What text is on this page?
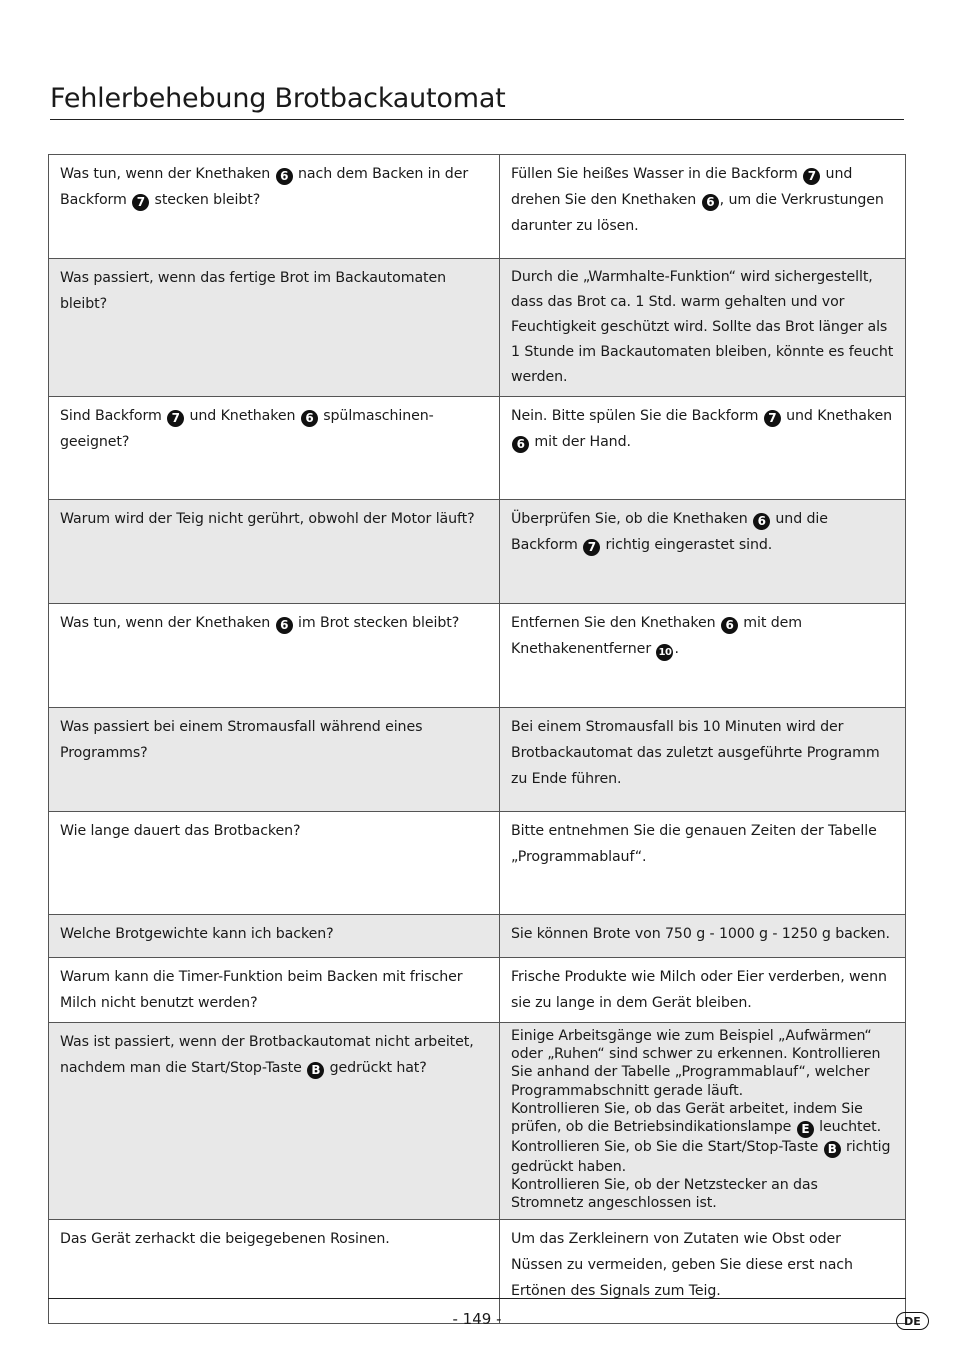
Fehlerbehebung Brotbackautomat
Was tun, wenn der Knethaken 6 nach dem Backen in der Backform 7 stecken bleibt?	Füllen Sie heißes Wasser in die Backform 7 und drehen Sie den Knethaken 6 , um die Verkrustungen darunter zu lösen.
Was passiert, wenn das fertige Brot im Backautomaten bleibt?	Durch die „Warmhalte-Funktion“ wird sichergestellt, dass das Brot ca. 1 Std. warm gehalten und vor Feuchtigkeit geschützt wird. Sollte das Brot länger als 1 Stunde im Backautomaten bleiben, könnte es feucht werden.
Sind Backform 7 und Knethaken 6 spülmaschinen-geeignet?	Nein. Bitte spülen Sie die Backform 7 und Knethaken 6 mit der Hand.
Warum wird der Teig nicht gerührt, obwohl der Motor läuft?	Überprüfen Sie, ob die Knethaken 6 und die Backform 7 richtig eingerastet sind.
Was tun, wenn der Knethaken 6 im Brot stecken bleibt?	Entfernen Sie den Knethaken 6 mit dem Knethakenentferner 10 .
Was passiert bei einem Stromausfall während eines Programms?	Bei einem Stromausfall bis 10 Minuten wird der Brotbackautomat das zuletzt ausgeführte Programm zu Ende führen.
Wie lange dauert das Brotbacken?	Bitte entnehmen Sie die genauen Zeiten der Tabelle „Programmablauf“.
Welche Brotgewichte kann ich backen?	Sie können Brote von 750 g - 1000 g - 1250 g backen.
Warum kann die Timer-Funktion beim Backen mit frischer Milch nicht benutzt werden?	Frische Produkte wie Milch oder Eier verderben, wenn sie zu lange in dem Gerät bleiben.
Was ist passiert, wenn der Brotbackautomat nicht arbeitet, nachdem man die Start/Stop-Taste B gedrückt hat?	Einige Arbeitsgänge wie zum Beispiel „Aufwärmen“ oder „Ruhen“ sind schwer zu erkennen. Kontrollieren Sie anhand der Tabelle „Programmablauf“, welcher Programmabschnitt gerade läuft.
Kontrollieren Sie, ob das Gerät arbeitet, indem Sie prüfen, ob die Betriebsindikationslampe E leuchtet.
Kontrollieren Sie, ob Sie die Start/Stop-Taste B richtig gedrückt haben.
Kontrollieren Sie, ob der Netzstecker an das Stromnetz angeschlossen ist.
Das Gerät zerhackt die beigegebenen Rosinen.	Um das Zerkleinern von Zutaten wie Obst oder Nüssen zu vermeiden, geben Sie diese erst nach Ertönen des Signals zum Teig.
- 149 -	DE
